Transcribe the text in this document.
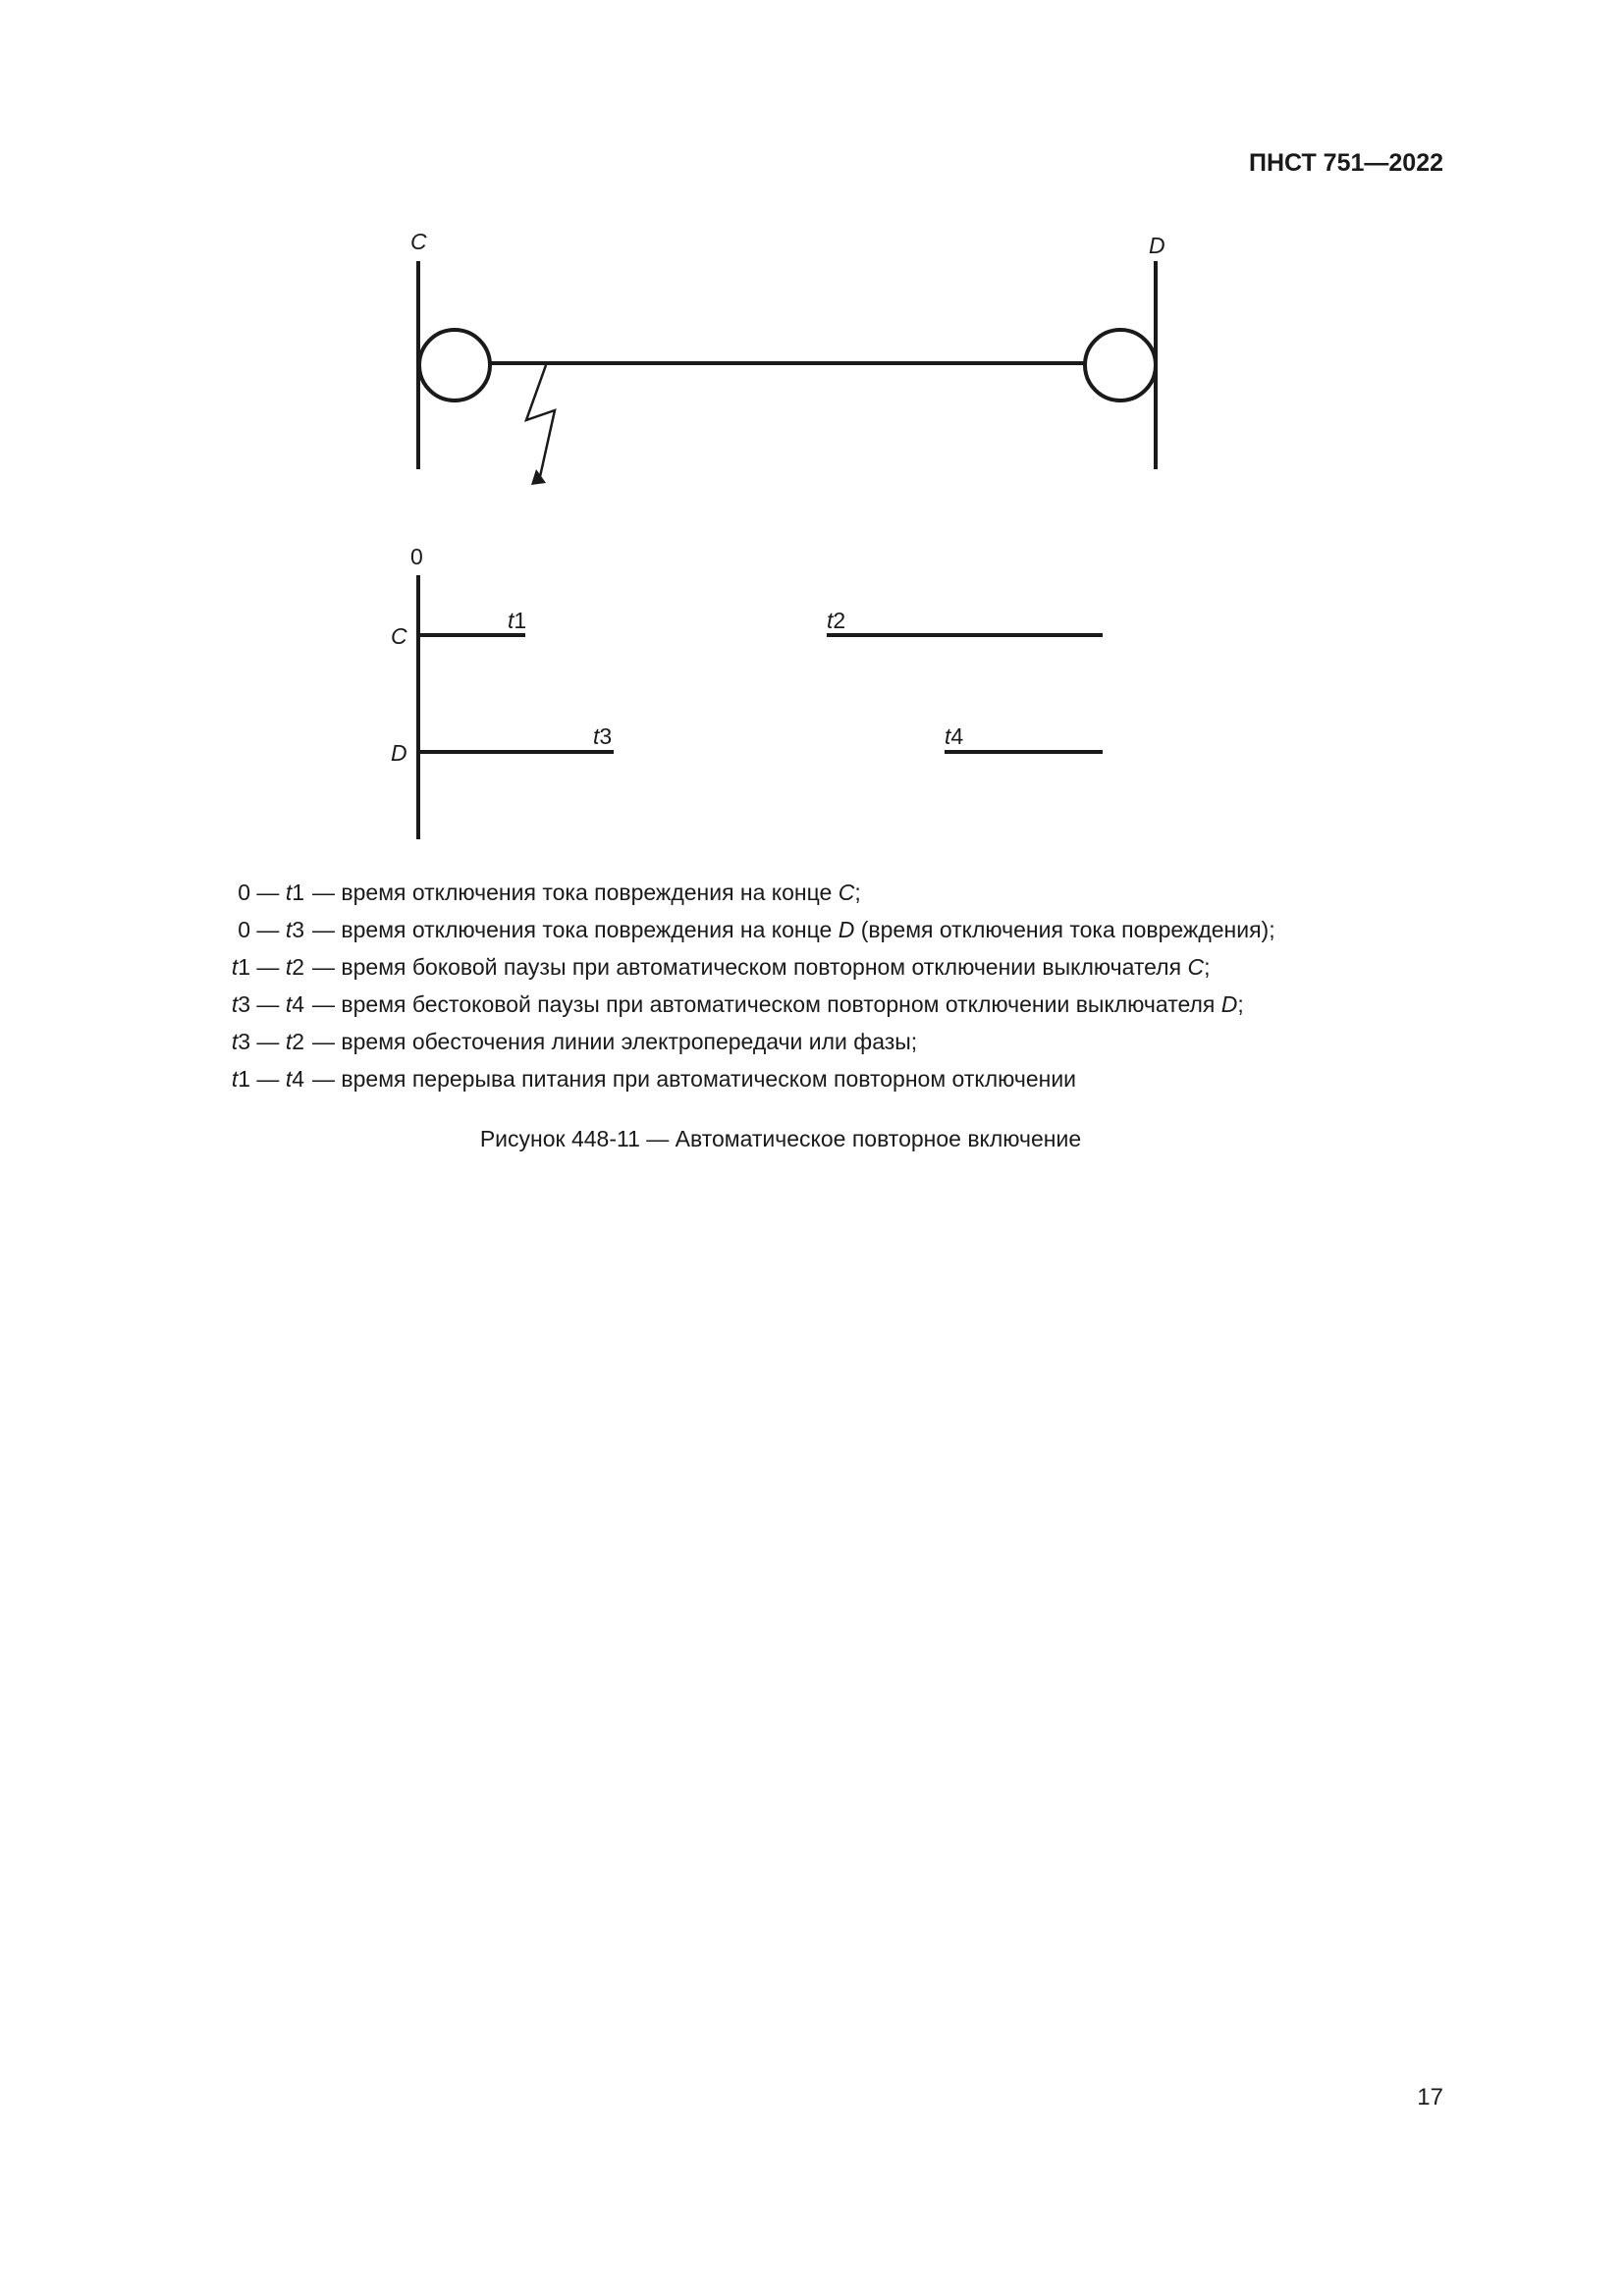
ПНСТ 751—2022
C	D
0
C
D
t1	t2
t3	t4
0 — t1 — время отключения тока повреждения на конце C;
0 — t3 — время отключения тока повреждения на конце D (время отключения тока повреждения);
t1 — t2 — время боковой паузы при автоматическом повторном отключении выключателя C;
t3 — t4 — время бестоковой паузы при автоматическом повторном отключении выключателя D;
t3 — t2 — время обесточения линии электропередачи или фазы;
t1 — t4 — время перерыва питания при автоматическом повторном отключении
Рисунок 448-11 — Автоматическое повторное включение
17
